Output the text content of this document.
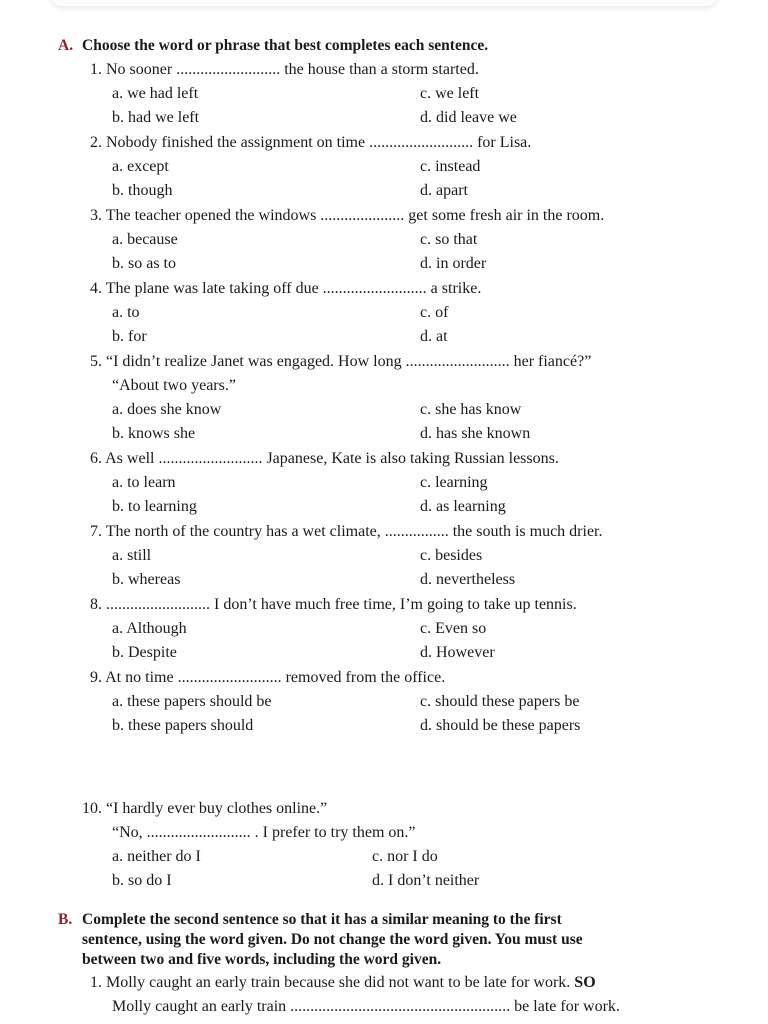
A. Choose the word or phrase that best completes each sentence.
1. No sooner .......................... the house than a storm started.
a. we had left	c. we left
b. had we left	d. did leave we
2. Nobody finished the assignment on time .......................... for Lisa.
a. except	c. instead
b. though	d. apart
3. The teacher opened the windows ..................... get some fresh air in the room.
a. because	c. so that
b. so as to	d. in order
4. The plane was late taking off due .......................... a strike.
a. to	c. of
b. for	d. at
5. “I didn’t realize Janet was engaged. How long .......................... her fiancé?”
“About two years.”
a. does she know	c. she has know
b. knows she	d. has she known
6. As well .......................... Japanese, Kate is also taking Russian lessons.
a. to learn	c. learning
b. to learning	d. as learning
7. The north of the country has a wet climate, ................ the south is much drier.
a. still	c. besides
b. whereas	d. nevertheless
8. .......................... I don’t have much free time, I’m going to take up tennis.
a. Although	c. Even so
b. Despite	d. However
9. At no time .......................... removed from the office.
a. these papers should be	c. should these papers be
b. these papers should	d. should be these papers
10. “I hardly ever buy clothes online.”
“No, .......................... . I prefer to try them on.”
a. neither do I	c. nor I do
b. so do I	d. I don’t neither
B. Complete the second sentence so that it has a similar meaning to the first
sentence, using the word given. Do not change the word given. You must use
between two and five words, including the word given.
1. Molly caught an early train because she did not want to be late for work. SO
Molly caught an early train ....................................................... be late for work.
